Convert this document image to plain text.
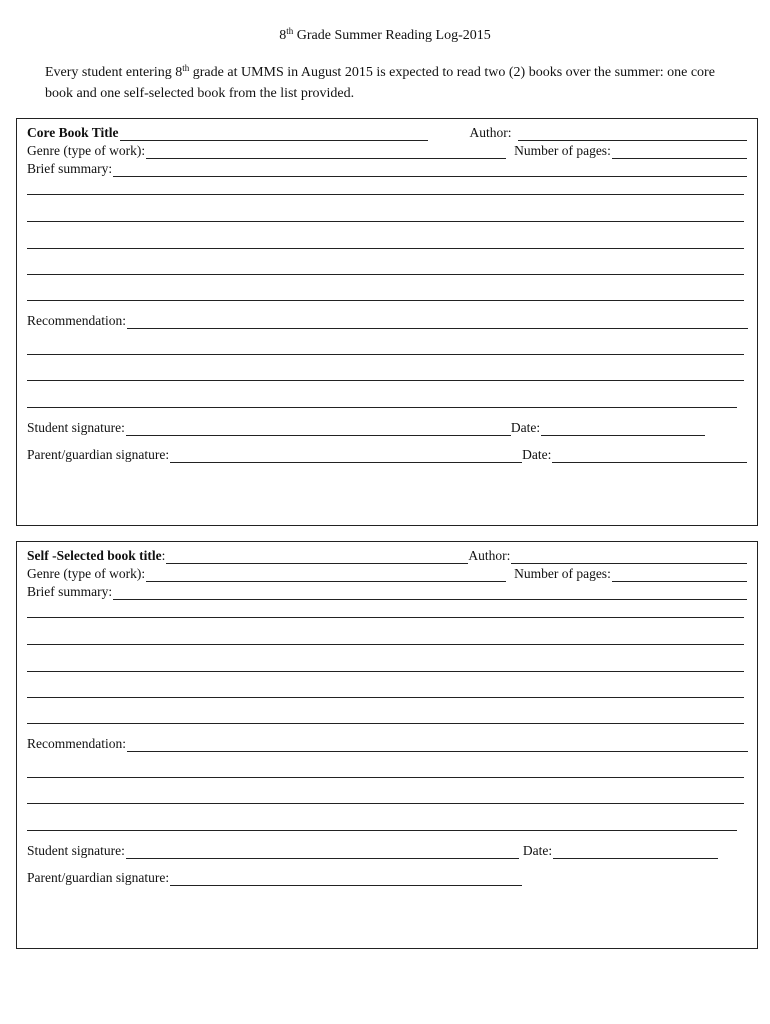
8th Grade Summer Reading Log-2015
Every student entering 8th grade at UMMS in August 2015 is expected to read two (2) books over the summer: one core book and one self-selected book from the list provided.
Core Book Title	Author:
Genre (type of work):	Number of pages:
Brief summary:
Recommendation:
Student signature:	Date:
Parent/guardian signature:	Date:
Self -Selected book title:	Author:
Genre (type of work):	Number of pages:
Brief summary:
Recommendation:
Student signature:	Date:
Parent/guardian signature:
